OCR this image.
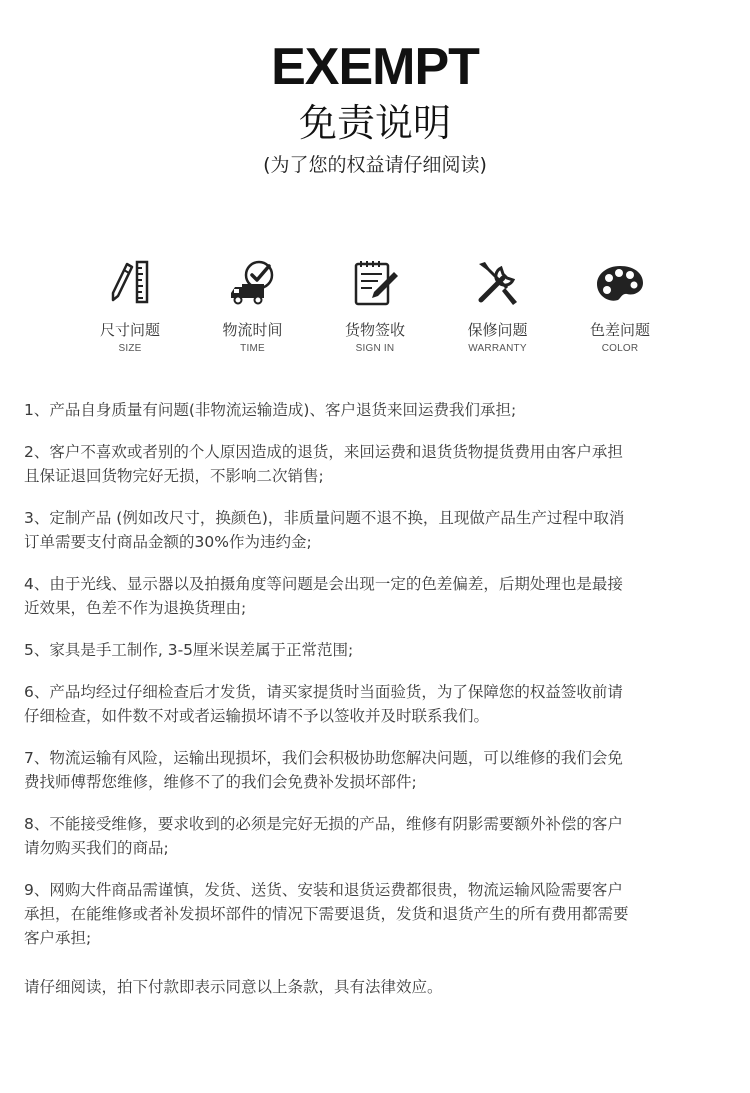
EXEMPT
免责说明
(为了您的权益请仔细阅读)
尺寸问题
SIZE
物流时间
TIME
货物签收
SIGN IN
保修问题
WARRANTY
色差问题
COLOR
1、产品自身质量有问题(非物流运输造成)、客户退货来回运费我们承担;
2、客户不喜欢或者别的个人原因造成的退货，来回运费和退货货物提货费用由客户承担
且保证退回货物完好无损，不影响二次销售;
3、定制产品 (例如改尺寸，换颜色)，非质量问题不退不换，且现做产品生产过程中取消
订单需要支付商品金额的30%作为违约金;
4、由于光线、显示器以及拍摄角度等问题是会出现一定的色差偏差，后期处理也是最接
近效果，色差不作为退换货理由;
5、家具是手工制作, 3-5厘米误差属于正常范围;
6、产品均经过仔细检查后才发货，请买家提货时当面验货，为了保障您的权益签收前请
仔细检查，如件数不对或者运输损坏请不予以签收并及时联系我们。
7、物流运输有风险，运输出现损坏，我们会积极协助您解决问题，可以维修的我们会免
费找师傅帮您维修，维修不了的我们会免费补发损坏部件;
8、不能接受维修，要求收到的必须是完好无损的产品，维修有阴影需要额外补偿的客户
请勿购买我们的商品;
9、网购大件商品需谨慎，发货、送货、安装和退货运费都很贵，物流运输风险需要客户
承担，在能维修或者补发损坏部件的情况下需要退货，发货和退货产生的所有费用都需要
客户承担;
请仔细阅读，拍下付款即表示同意以上条款，具有法律效应。
